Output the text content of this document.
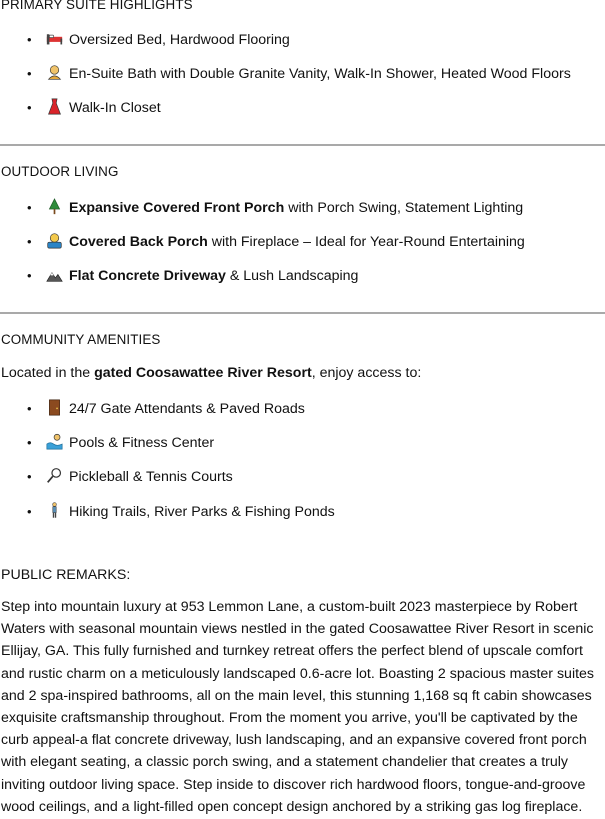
PRIMARY SUITE HIGHLIGHTS
•	Oversized Bed, Hardwood Flooring
•	En-Suite Bath with Double Granite Vanity, Walk-In Shower, Heated Wood Floors
•	Walk-In Closet
OUTDOOR LIVING
•	Expansive Covered Front Porch with Porch Swing, Statement Lighting
•	Covered Back Porch with Fireplace – Ideal for Year-Round Entertaining
•	Flat Concrete Driveway & Lush Landscaping
COMMUNITY AMENITIES
Located in the gated Coosawattee River Resort, enjoy access to:
•	24/7 Gate Attendants & Paved Roads
•	Pools & Fitness Center
•	Pickleball & Tennis Courts
•	Hiking Trails, River Parks & Fishing Ponds
PUBLIC REMARKS:
Step into mountain luxury at 953 Lemmon Lane, a custom-built 2023 masterpiece by Robert
Waters with seasonal mountain views nestled in the gated Coosawattee River Resort in scenic
Ellijay, GA. This fully furnished and turnkey retreat offers the perfect blend of upscale comfort
and rustic charm on a meticulously landscaped 0.6-acre lot. Boasting 2 spacious master suites
and 2 spa-inspired bathrooms, all on the main level, this stunning 1,168 sq ft cabin showcases
exquisite craftsmanship throughout. From the moment you arrive, you'll be captivated by the
curb appeal-a flat concrete driveway, lush landscaping, and an expansive covered front porch
with elegant seating, a classic porch swing, and a statement chandelier that creates a truly
inviting outdoor living space. Step inside to discover rich hardwood floors, tongue-and-groove
wood ceilings, and a light-filled open concept design anchored by a striking gas log fireplace.
